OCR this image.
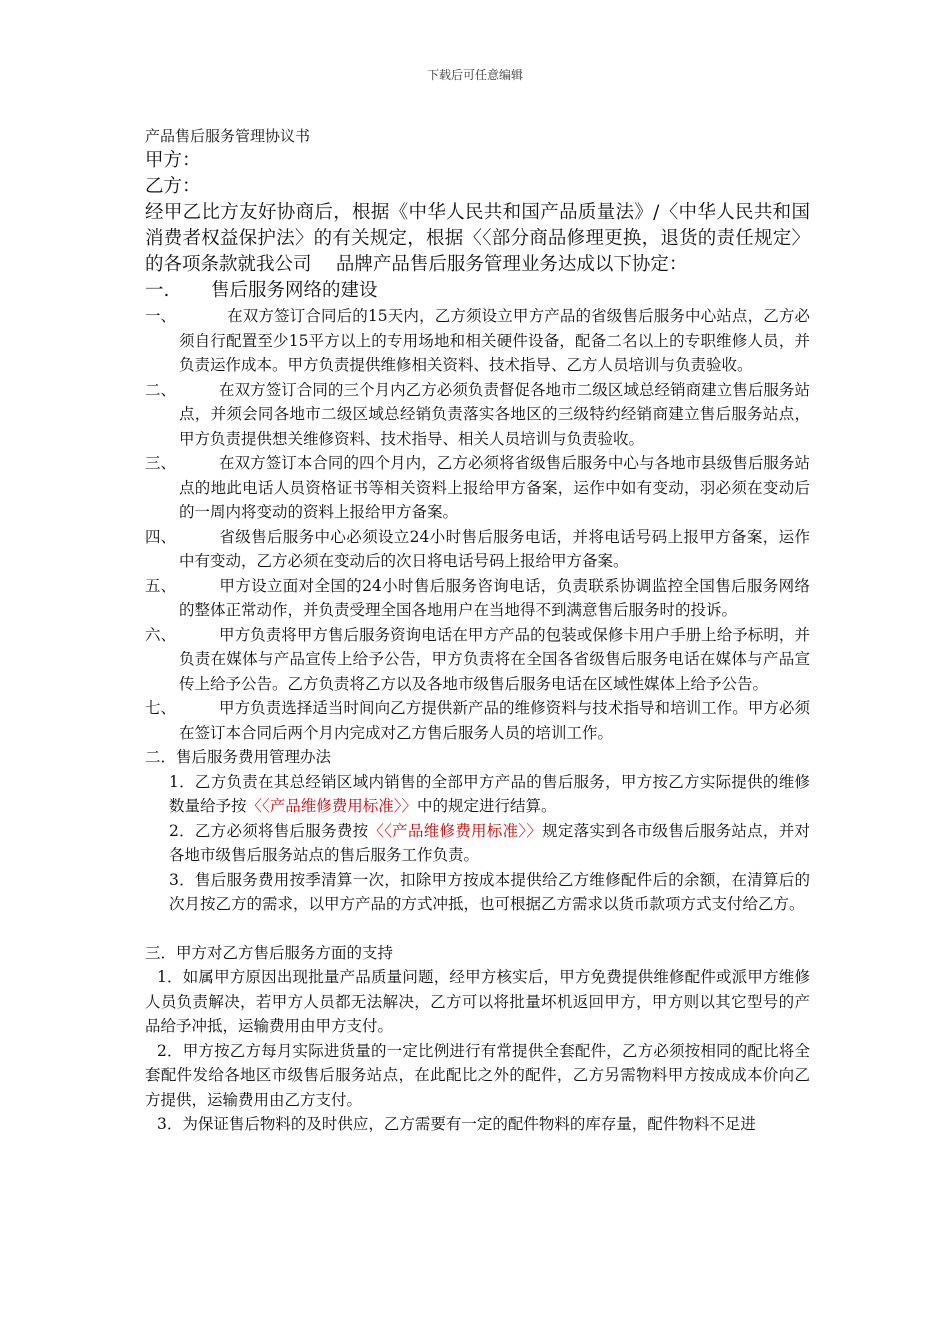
下载后可任意编辑

产品售后服务管理协议书

甲方：

乙方：

经甲乙比方友好协商后，根据《中华人民共和国产品质量法》/〈中华人民共和国消费者权益保护法〉的有关规定，根据〈〈部分商品修理更换，退货的责任规定〉的各项条款就我公司　 品牌产品售后服务管理业务达成以下协定：

一. 售后服务网络的建设

一、	在双方签订合同后的15天内，乙方须设立甲方产品的省级售后服务中心站点，乙方必须自行配置至少15平方以上的专用场地和相关硬件设备，配备二名以上的专职维修人员，并负责运作成本。甲方负责提供维修相关资料、技术指导、乙方人员培训与负责验收。

二、	在双方签订合同的三个月内乙方必须负责督促各地市二级区域总经销商建立售后服务站点，并须会同各地市二级区域总经销负责落实各地区的三级特约经销商建立售后服务站点，甲方负责提供想关维修资料、技术指导、相关人员培训与负责验收。

三、	在双方签订本合同的四个月内，乙方必须将省级售后服务中心与各地市县级售后服务站点的地此电话人员资格证书等相关资料上报给甲方备案，运作中如有变动，羽必须在变动后的一周内将变动的资料上报给甲方备案。

四、	省级售后服务中心必须设立24小时售后服务电话，并将电话号码上报甲方备案，运作中有变动，乙方必须在变动后的次日将电话号码上报给甲方备案。

五、	甲方设立面对全国的24小时售后服务咨询电话，负责联系协调监控全国售后服务网络的整体正常动作，并负责受理全国各地用户在当地得不到满意售后服务时的投诉。

六、	甲方负责将甲方售后服务资询电话在甲方产品的包装或保修卡用户手册上给予标明，并负责在媒体与产品宣传上给予公告，甲方负责将在全国各省级售后服务电话在媒体与产品宣传上给予公告。乙方负责将乙方以及各地市级售后服务电话在区域性媒体上给予公告。

七、	甲方负责选择适当时间向乙方提供新产品的维修资料与技术指导和培训工作。甲方必须在签订本合同后两个月内完成对乙方售后服务人员的培训工作。

二．售后服务费用管理办法

1．乙方负责在其总经销区域内销售的全部甲方产品的售后服务，甲方按乙方实际提供的维修数量给予按〈〈产品维修费用标准〉〉中的规定进行结算。

2．乙方必须将售后服务费按〈〈产品维修费用标准〉〉规定落实到各市级售后服务站点，并对各地市级售后服务站点的售后服务工作负责。

3．售后服务费用按季清算一次，扣除甲方按成本提供给乙方维修配件后的余额，在清算后的次月按乙方的需求，以甲方产品的方式冲抵，也可根据乙方需求以货币款项方式支付给乙方。

三．甲方对乙方售后服务方面的支持

1．如属甲方原因出现批量产品质量问题，经甲方核实后，甲方免费提供维修配件或派甲方维修人员负责解决，若甲方人员都无法解决，乙方可以将批量坏机返回甲方，甲方则以其它型号的产品给予冲抵，运输费用由甲方支付。

2．甲方按乙方每月实际进货量的一定比例进行有常提供全套配件，乙方必须按相同的配比将全套配件发给各地区市级售后服务站点，在此配比之外的配件，乙方另需物料甲方按成成本价向乙方提供，运输费用由乙方支付。

3．为保证售后物料的及时供应，乙方需要有一定的配件物料的库存量，配件物料不足进
